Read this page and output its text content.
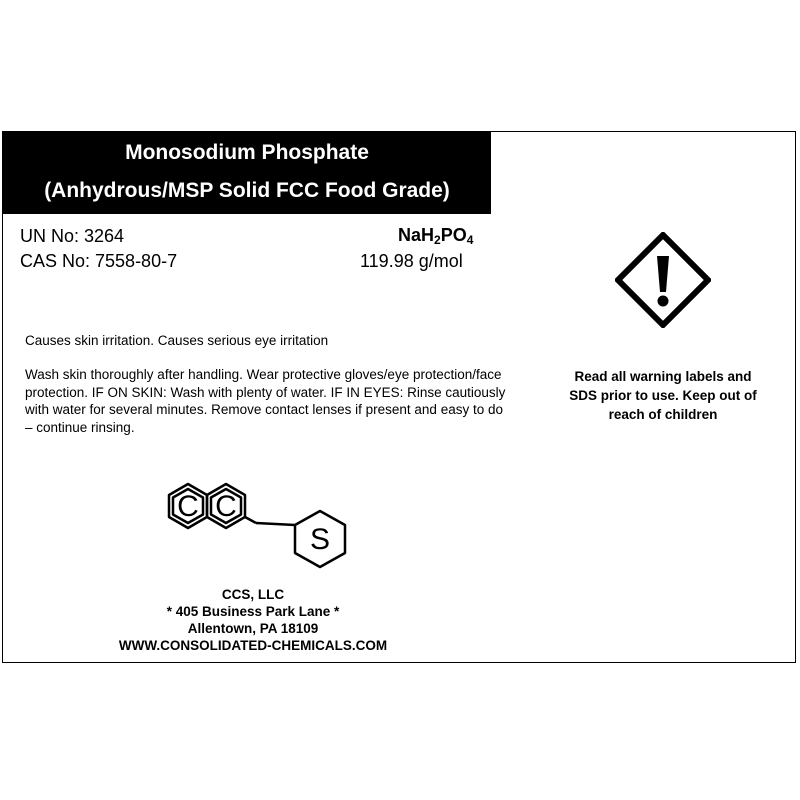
Monosodium Phosphate
(Anhydrous/MSP Solid FCC Food Grade)
UN No: 3264
CAS No: 7558-80-7
$NaH_2PO_4$
119.98 g/mol
Causes skin irritation. Causes serious eye irritation
Wash skin thoroughly after handling. Wear protective gloves/eye protection/face protection. IF ON SKIN: Wash with plenty of water. IF IN EYES: Rinse cautiously with water for several minutes. Remove contact lenses if present and easy to do – continue rinsing.
Read all warning labels and SDS prior to use. Keep out of reach of children
C C
S
CCS, LLC
* 405 Business Park Lane *
Allentown, PA 18109
WWW.CONSOLIDATED-CHEMICALS.COM
